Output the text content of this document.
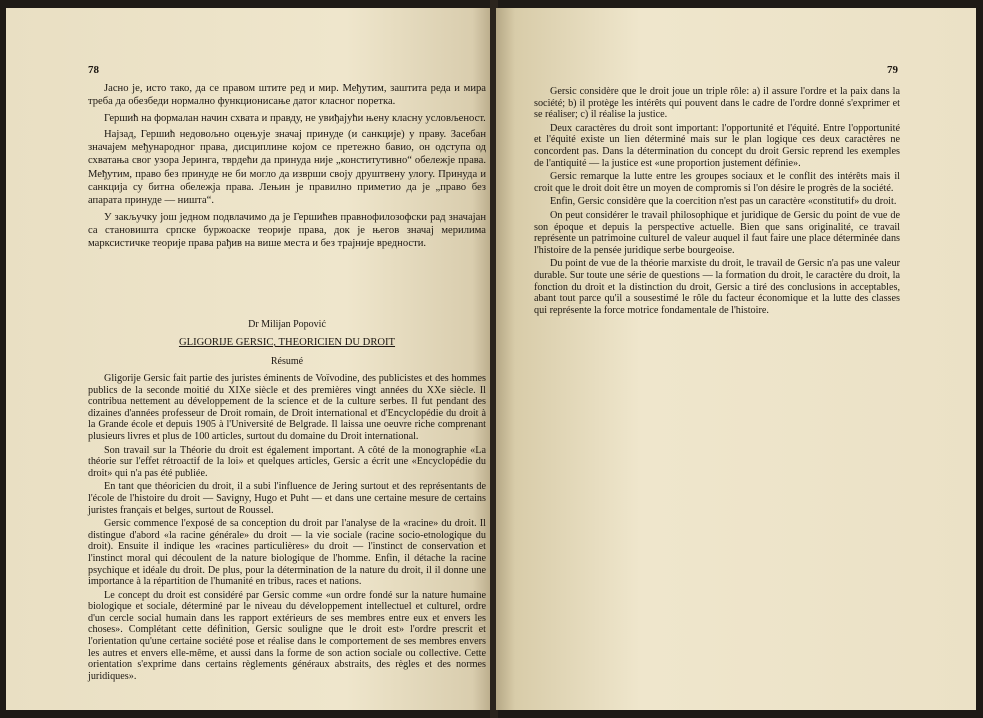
78

Јасно је, исто тако, да се правом штите ред и мир. Међутим, заштита реда и мира треба да обезбеди нормално функционисање датог класног поретка.

Гершић на формалан начин схвата и правду, не увиђајући њену класну условљеност.

Најзад, Гершић недовољно оцењује значај принуде (и санкције) у праву. Засебан значајем међународног права, дисциплине којом се претежно бавио, он одступа од схватања свог узора Јеринга, тврдећи да принуда није „конститутивно“ обележје права. Међутим, право без принуде не би могло да изврши своју друштвену улогу. Принуда и санкција су битна обележја права. Лењин је правилно приметио да је „право без апарата принуде — ништа“.

У закључку још једном подвлачимо да је Гершићев правнофилозофски рад значајан са становишта српске буржоаске теорије права, док је његов значај мерилима марксистичке теорије права рађив на више места и без трајније вредности.

Dr Milijan Popović
GLIGORIJE GERSIC, THEORICIEN DU DROIT
Résumé

Gligorije Gersic fait partie des juristes éminents de Voïvodine, des publicistes et des hommes publics de la seconde moitié du XIXe siècle et des premières vingt années du XXe siècle. Il contribua nettement au développement de la science et de la culture serbes. Il fut pendant des dizaines d'années professeur de Droit romain, de Droit international et d'Encyclopédie du droit à la Grande école et depuis 1905 à l'Université de Belgrade. Il laissa une oeuvre riche comprenant plusieurs livres et plus de 100 articles, surtout du domaine du Droit international.

Son travail sur la Théorie du droit est également important. A côté de la monographie «La théorie sur l'effet rétroactif de la loi» et quelques articles, Gersic a écrit une «Encyclopédie du droit» qui n'a pas été publiée.

En tant que théoricien du droit, il a subi l'influence de Jering surtout et des représentants de l'école de l'histoire du droit — Savigny, Hugo et Puht — et dans une certaine mesure de certains juristes français et belges, surtout de Roussel.

Gersic commence l'exposé de sa conception du droit par l'analyse de la «racine» du droit. Il distingue d'abord «la racine générale» du droit — la vie sociale (racine socio-etnologique du droit). Ensuite il indique les «racines particulières» du droit — l'instinct de conservation et l'instinct moral qui découlent de la nature biologique de l'homme. Enfin, il détache la racine psychique et idéale du droit. De plus, pour la détermination de la nature du droit, il il donne une importance à la répartition de l'humanité en tribus, races et nations.

Le concept du droit est considéré par Gersic comme «un ordre fondé sur la nature humaine biologique et sociale, déterminé par le niveau du développement intellectuel et culturel, ordre d'un cercle social humain dans les rapport extérieurs de ses membres entre eux et envers les choses». Complétant cette définition, Gersic souligne que le droit est» l'ordre prescrit et l'orientation qu'une certaine société pose et réalise dans le comportement de ses membres envers les autres et envers elle-même, et aussi dans la forme de son action sociale ou collective. Cette orientation s'exprime dans certains règlements généraux abstraits, des règles et des normes juridiques».

79

Gersic considère que le droit joue un triple rôle: a) il assure l'ordre et la paix dans la société; b) il protège les intérêts qui pouvent dans le cadre de l'ordre donné s'exprimer et se réaliser; c) il réalise la justice.

Deux caractères du droit sont important: l'opportunité et l'équité. Entre l'opportunité et l'équité existe un lien déterminé mais sur le plan logique ces deux caractères ne concordent pas. Dans la détermination du concept du droit Gersic reprend les exemples de l'antiquité — la justice est «une proportion justement définie».

Gersic remarque la lutte entre les groupes sociaux et le conflit des intérêts mais il croit que le droit doit être un moyen de compromis si l'on désire le progrès de la société.

Enfin, Gersic considère que la coercition n'est pas un caractère «constitutif» du droit.

On peut considérer le travail philosophique et juridique de Gersic du point de vue de son époque et depuis la perspective actuelle. Bien que sans originalité, ce travail représente un patrimoine culturel de valeur auquel il faut faire une place déterminée dans l'histoire de la pensée juridique serbe bourgeoise.

Du point de vue de la théorie marxiste du droit, le travail de Gersic n'a pas une valeur durable. Sur toute une série de questions — la formation du droit, le caractère du droit, la fonction du droit et la distinction du droit, Gersic a tiré des conclusions in acceptables, abant tout parce qu'il a sousestimé le rôle du facteur économique et la lutte des classes qui représente la force motrice fondamentale de l'histoire.
